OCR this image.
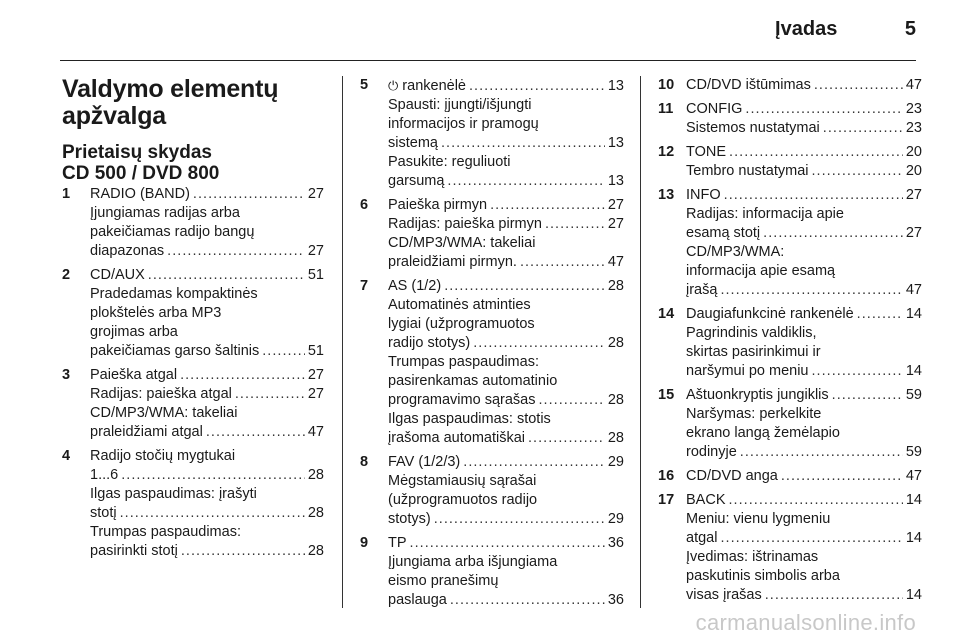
Įvadas	5
Valdymo elementų
apžvalga
Prietaisų skydas
CD 500 / DVD 800
1	RADIO (BAND) . . .	27
Įjungiamas radijas arba
pakeičiamas radijo bangų
diapazonas . . .	27
2	CD/AUX . . .	51
Pradedamas kompaktinės
plokštelės arba MP3
grojimas arba
pakeičiamas garso šaltinis . . .	51
3	Paieška atgal . . .	27
Radijas: paieška atgal . . .	27
CD/MP3/WMA: takeliai
praleidžiami atgal . . .	47
4	Radijo stočių mygtukai
1...6 . . .	28
Ilgas paspaudimas: įrašyti
stotį . . .	28
Trumpas paspaudimas:
pasirinkti stotį . . .	28
5	⏻ rankenėlė . . .	13
Spausti: įjungti/išjungti
informacijos ir pramogų
sistemą . . .	13
Pasukite: reguliuoti
garsumą . . .	13
6	Paieška pirmyn . . .	27
Radijas: paieška pirmyn . . .	27
CD/MP3/WMA: takeliai
praleidžiami pirmyn. . . .	47
7	AS (1/2) . . .	28
Automatinės atminties
lygiai (užprogramuotos
radijo stotys) . . .	28
Trumpas paspaudimas:
pasirenkamas automatinio
programavimo sąrašas . . .	28
Ilgas paspaudimas: stotis
įrašoma automatiškai . . .	28
8	FAV (1/2/3) . . .	29
Mėgstamiausių sąrašai
(užprogramuotos radijo
stotys) . . .	29
9	TP . . .	36
Įjungiama arba išjungiama
eismo pranešimų
paslauga . . .	36
10 CD/DVD ištūmimas . . .	47
11 CONFIG . . .	23
Sistemos nustatymai . . .	23
12 TONE . . .	20
Tembro nustatymai . . .	20
13 INFO . . .	27
Radijas: informacija apie
esamą stotį . . .	27
CD/MP3/WMA:
informacija apie esamą
įrašą . . .	47
14 Daugiafunkcinė rankenėlė . . .	14
Pagrindinis valdiklis,
skirtas pasirinkimui ir
naršymui po meniu . . .	14
15 Aštuonkryptis jungiklis . . .	59
Naršymas: perkelkite
ekrano langą žemėlapio
rodinyje . . .	59
16 CD/DVD anga . . .	47
17 BACK . . .	14
Meniu: vienu lygmeniu
atgal . . .	14
Įvedimas: ištrinamas
paskutinis simbolis arba
visas įrašas . . .	14
carmanualsonline.info
